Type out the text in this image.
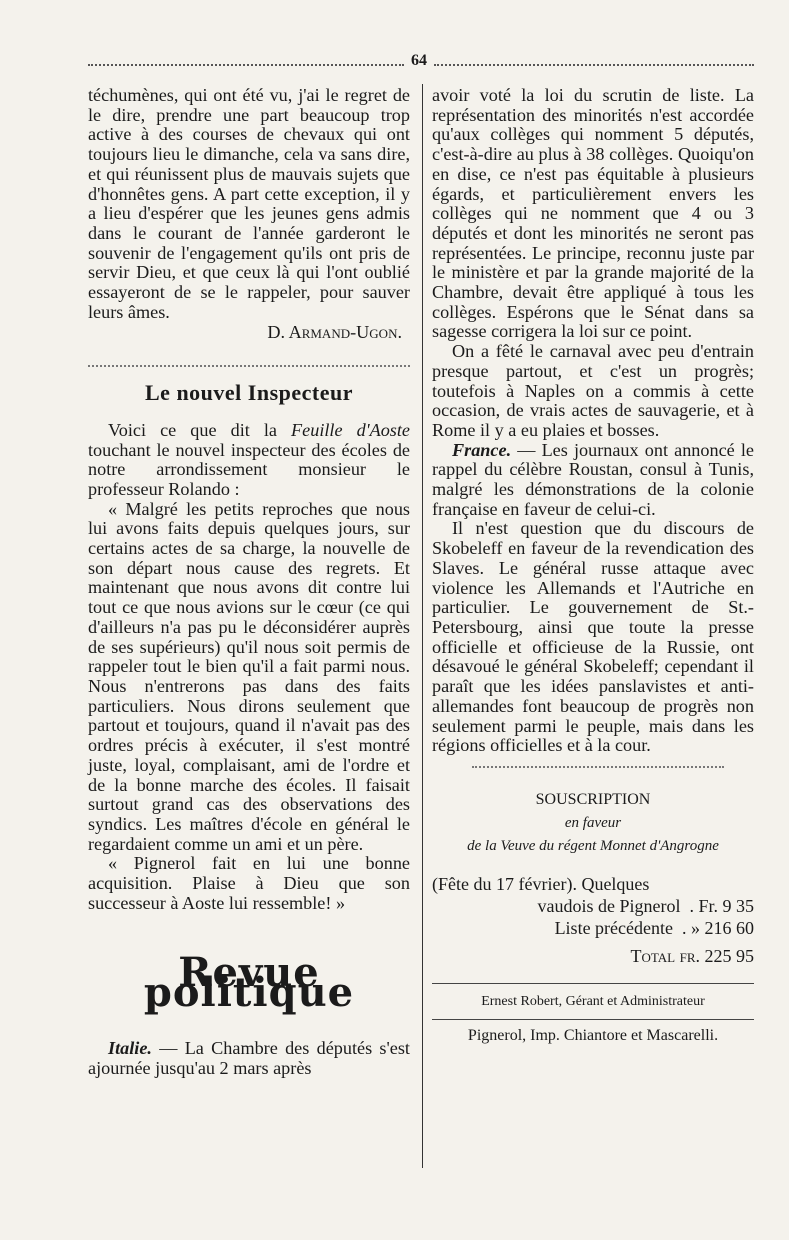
64

téchumènes, qui ont été vu, j'ai le regret de le dire, prendre une part beaucoup trop active à des courses de chevaux qui ont toujours lieu le dimanche, cela va sans dire, et qui réunissent plus de mauvais sujets que d'honnêtes gens. A part cette exception, il y a lieu d'espérer que les jeunes gens admis dans le courant de l'année garderont le souvenir de l'engagement qu'ils ont pris de servir Dieu, et que ceux là qui l'ont oublié essayeront de se le rappeler, pour sauver leurs âmes.

D. Armand-Ugon.

Le nouvel Inspecteur

Voici ce que dit la Feuille d'Aoste touchant le nouvel inspecteur des écoles de notre arrondissement monsieur le professeur Rolando :

« Malgré les petits reproches que nous lui avons faits depuis quelques jours, sur certains actes de sa charge, la nouvelle de son départ nous cause des regrets. Et maintenant que nous avons dit contre lui tout ce que nous avions sur le cœur (ce qui d'ailleurs n'a pas pu le déconsidérer auprès de ses supérieurs) qu'il nous soit permis de rappeler tout le bien qu'il a fait parmi nous. Nous n'entrerons pas dans des faits particuliers. Nous dirons seulement que partout et toujours, quand il n'avait pas des ordres précis à exécuter, il s'est montré juste, loyal, complaisant, ami de l'ordre et de la bonne marche des écoles. Il faisait surtout grand cas des observations des syndics. Les maîtres d'école en général le regardaient comme un ami et un père.

« Pignerol fait en lui une bonne acquisition. Plaise à Dieu que son successeur à Aoste lui ressemble! »

Revue politique

Italie. — La Chambre des députés s'est ajournée jusqu'au 2 mars après

avoir voté la loi du scrutin de liste. La représentation des minorités n'est accordée qu'aux collèges qui nomment 5 députés, c'est-à-dire au plus à 38 collèges. Quoiqu'on en dise, ce n'est pas équitable à plusieurs égards, et particulièrement envers les collèges qui ne nomment que 4 ou 3 députés et dont les minorités ne seront pas représentées. Le principe, reconnu juste par le ministère et par la grande majorité de la Chambre, devait être appliqué à tous les collèges. Espérons que le Sénat dans sa sagesse corrigera la loi sur ce point.

On a fêté le carnaval avec peu d'entrain presque partout, et c'est un progrès; toutefois à Naples on a commis à cette occasion, de vrais actes de sauvagerie, et à Rome il y a eu plaies et bosses.

France. — Les journaux ont annoncé le rappel du célèbre Roustan, consul à Tunis, malgré les démonstrations de la colonie française en faveur de celui-ci.

Il n'est question que du discours de Skobeleff en faveur de la revendication des Slaves. Le général russe attaque avec violence les Allemands et l'Autriche en particulier. Le gouvernement de St.-Petersbourg, ainsi que toute la presse officielle et officieuse de la Russie, ont désavoué le général Skobeleff; cependant il paraît que les idées panslavistes et anti-allemandes font beaucoup de progrès non seulement parmi le peuple, mais dans les régions officielles et à la cour.

SOUSCRIPTION
en faveur
de la Veuve du régent Monnet d'Angrogne
(Fête du 17 février). Quelques
vaudois de Pignerol
. Fr. 9 35
Liste précédente
. » 216 60
Total fr. 225 95
Ernest Robert, Gérant et Administrateur
Pignerol, Imp. Chiantore et Mascarelli.
